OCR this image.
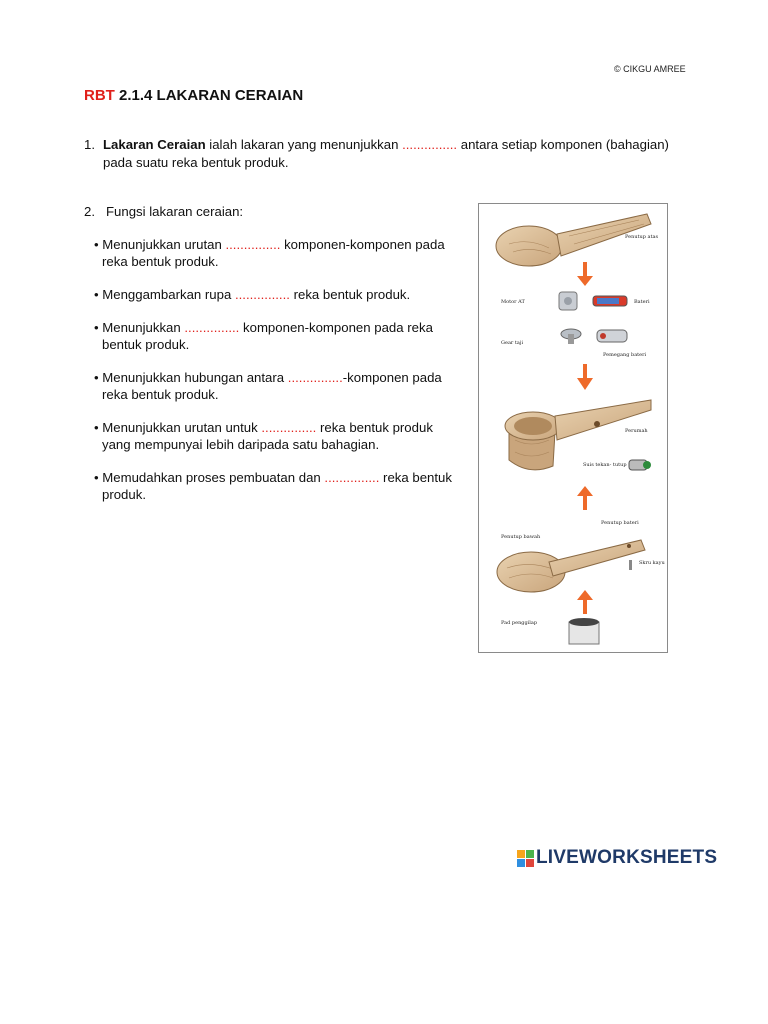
© CIKGU AMREE
RBT 2.1.4 LAKARAN CERAIAN
1. Lakaran Ceraian ialah lakaran yang menunjukkan ............... antara setiap komponen (bahagian)
pada suatu reka bentuk produk.
2. Fungsi lakaran ceraian:
• Menunjukkan urutan ............... komponen-komponen pada
reka bentuk produk.
• Menggambarkan rupa ............... reka bentuk produk.
• Menunjukkan ............... komponen-komponen pada reka
bentuk produk.
• Menunjukkan hubungan antara ...............-komponen pada
reka bentuk produk.
• Menunjukkan urutan untuk ............... reka bentuk produk
yang mempunyai lebih daripada satu bahagian.
• Memudahkan proses pembuatan dan ............... reka bentuk
produk.
Penutup atas
Motor AT	Bateri
Gear taji
Pemegang bateri
Perumah
Suis tekan- tutup
Penutup bateri
Penutup bawah
Skru kayu
Pad penggilap
LIVEWORKSHEETS
